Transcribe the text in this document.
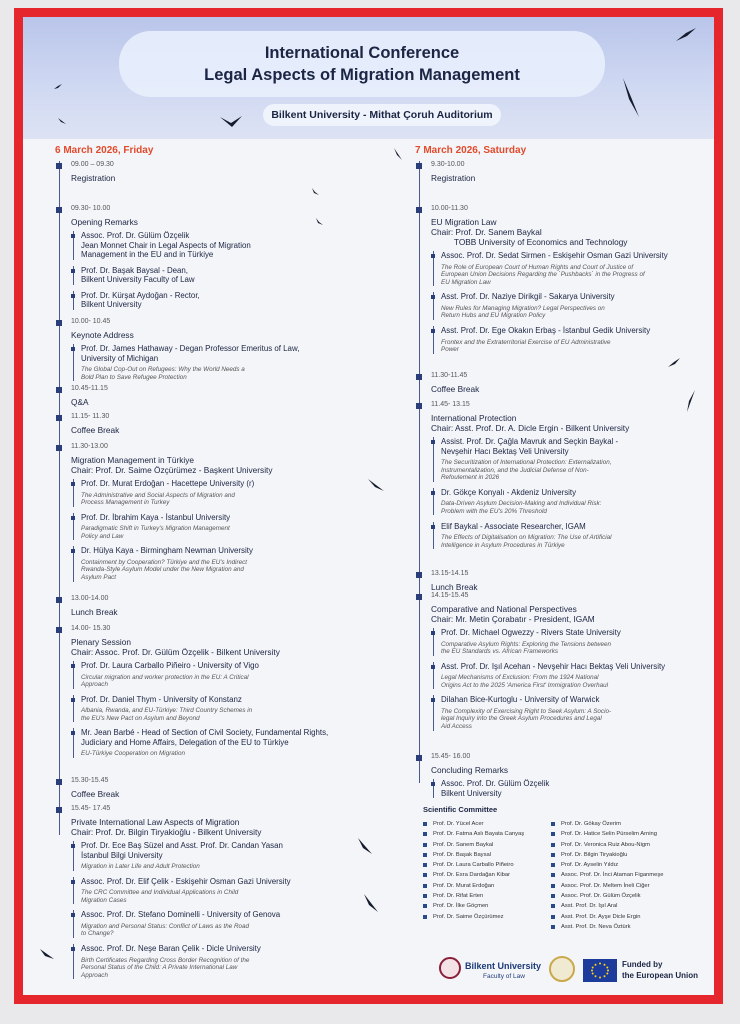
International Conference
Legal Aspects of Migration Management
Bilkent University - Mithat Çoruh Auditorium
6 March 2026, Friday	7 March 2026, Saturday
09.00 – 09.30
Registration
09.30- 10.00
Opening Remarks
Assoc. Prof. Dr. Gülüm Özçelik
Jean Monnet Chair in Legal Aspects of Migration
Management in the EU and in Türkiye
Prof. Dr. Başak Baysal - Dean,
Bilkent University Faculty of Law
Prof. Dr. Kürşat Aydoğan - Rector,
Bilkent University
10.00- 10.45
Keynote Address
Prof. Dr. James Hathaway - Degan Professor Emeritus of Law,
University of Michigan
The Global Cop-Out on Refugees: Why the World Needs a
Bold Plan to Save Refugee Protection
10.45-11.15
Q&A
11.15- 11.30
Coffee Break
11.30-13.00
Migration Management in Türkiye
Chair: Prof. Dr. Saime Özçürümez - Başkent University
Prof. Dr. Murat Erdoğan - Hacettepe University (r)
The Administrative and Social Aspects of Migration and
Process Management in Turkey
Prof. Dr. İbrahim Kaya - İstanbul University
Paradigmatic Shift in Turkey's Migration Management
Policy and Law
Dr. Hülya Kaya - Birmingham Newman University
Containment by Cooperation? Türkiye and the EU's Indirect
Rwanda-Style Asylum Model under the New Migration and
Asylum Pact
13.00-14.00
Lunch Break
14.00- 15.30
Plenary Session
Chair: Assoc. Prof. Dr. Gülüm Özçelik - Bilkent University
Prof. Dr. Laura Carballo Piñeiro - University of Vigo
Circular migration and worker protection in the EU: A Critical
Approach
Prof. Dr. Daniel Thym - University of Konstanz
Albania, Rwanda, and EU-Türkiye: Third Country Schemes in
the EU's New Pact on Asylum and Beyond
Mr. Jean Barbé - Head of Section of Civil Society, Fundamental Rights,
Judiciary and Home Affairs, Delegation of the EU to Türkiye
EU-Türkiye Cooperation on Migration
15.30-15.45
Coffee Break
15.45- 17.45
Private International Law Aspects of Migration
Chair: Prof. Dr. Bilgin Tiryakioğlu - Bilkent University
Prof. Dr. Ece Baş Süzel and Asst. Prof. Dr. Candan Yasan
İstanbul Bilgi University
Migration in Later Life and Adult Protection
Assoc. Prof. Dr. Elif Çelik - Eskişehir Osman Gazi University
The CRC Committee and Individual Applications in Child
Migration Cases
Assoc. Prof. Dr. Stefano Dominelli - University of Genova
Migration and Personal Status: Conflict of Laws as the Road
to Change?
Assoc. Prof. Dr. Neşe Baran Çelik - Dicle University
Birth Certificates Regarding Cross Border Recognition of the
Personal Status of the Child: A Private International Law
Approach
9.30-10.00
Registration
10.00-11.30
EU Migration Law
Chair: Prof. Dr. Sanem Baykal
TOBB University of Economics and Technology
Assoc. Prof. Dr. Sedat Sirmen - Eskişehir Osman Gazi University
The Role of European Court of Human Rights and Court of Justice of
European Union Decisions Regarding the `Pushbacks` in the Progress of
EU Migration Law
Asst. Prof. Dr. Naziye Dirikgil - Sakarya University
New Rules for Managing Migration? Legal Perspectives on
Return Hubs and EU Migration Policy
Asst. Prof. Dr. Ege Okakın Erbaş - İstanbul Gedik University
Frontex and the Extraterritorial Exercise of EU Administrative
Power
11.30-11.45
Coffee Break
11.45- 13.15
International Protection
Chair: Asst. Prof. Dr. A. Dicle Ergin - Bilkent University
Assist. Prof. Dr. Çağla Mavruk and Seçkin Baykal -
Nevşehir Hacı Bektaş Veli University
The Securitization of International Protection: Externalization,
Instrumentalization, and the Judicial Defense of Non-
Refoulement in 2026
Dr. Gökçe Konyalı - Akdeniz University
Data-Driven Asylum Decision-Making and Individual Risk:
Problem with the EU's 20% Threshold
Elif Baykal - Associate Researcher, IGAM
The Effects of Digitalisation on Migration: The Use of Artificial
Intelligence in Asylum Procedures in Türkiye
13.15-14.15
Lunch Break
14.15-15.45
Comparative and National Perspectives
Chair: Mr. Metin Çorabatır - President, IGAM
Prof. Dr. Michael Ogwezzy - Rivers State University
Comparative Asylum Rights: Exploring the Tensions between
the EU Standards vs. African Frameworks
Asst. Prof. Dr. Işıl Acehan - Nevşehir Hacı Bektaş Veli University
Legal Mechanisms of Exclusion: From the 1924 National
Origins Act to the 2025 'America First' Immigration Overhaul
Dilahan Bice-Kurtoglu - University of Warwick
The Complexity of Exercising Right to Seek Asylum: A Socio-
legal Inquiry into the Greek Asylum Procedures and Legal
Aid Access
15.45- 16.00
Concluding Remarks
Assoc. Prof. Dr. Gülüm Özçelik
Bilkent University
Scientific Committee
Prof. Dr. Yücel Acer
Prof. Dr. Fatma Aslı Bayata Canyaş
Prof. Dr. Sanem Baykal
Prof. Dr. Başak Baysal
Prof. Dr. Laura Carballo Piñeiro
Prof. Dr. Esra Dardağan Kibar
Prof. Dr. Murat Erdoğan
Prof. Dr. Rifat Erten
Prof. Dr. İlke Göçmen
Prof. Dr. Saime Özçürümez
Prof. Dr. Gökay Özerim
Prof. Dr. Hatice Selin Pürselim Arning
Prof. Dr. Veronica Ruiz Abou-Nigm
Prof. Dr. Bilgin Tiryakioğlu
Prof. Dr. Ayselin Yıldız
Assoc. Prof. Dr. İnci Ataman Figanmeşe
Assoc. Prof. Dr. Meltem İneli Ciğer
Assoc. Prof. Dr. Gülüm Özçelik
Asst. Prof. Dr. Işıl Aral
Asst. Prof. Dr. Ayşe Dicle Ergin
Asst. Prof. Dr. Neva Öztürk
Bilkent University
Faculty of Law
Funded by
the European Union
